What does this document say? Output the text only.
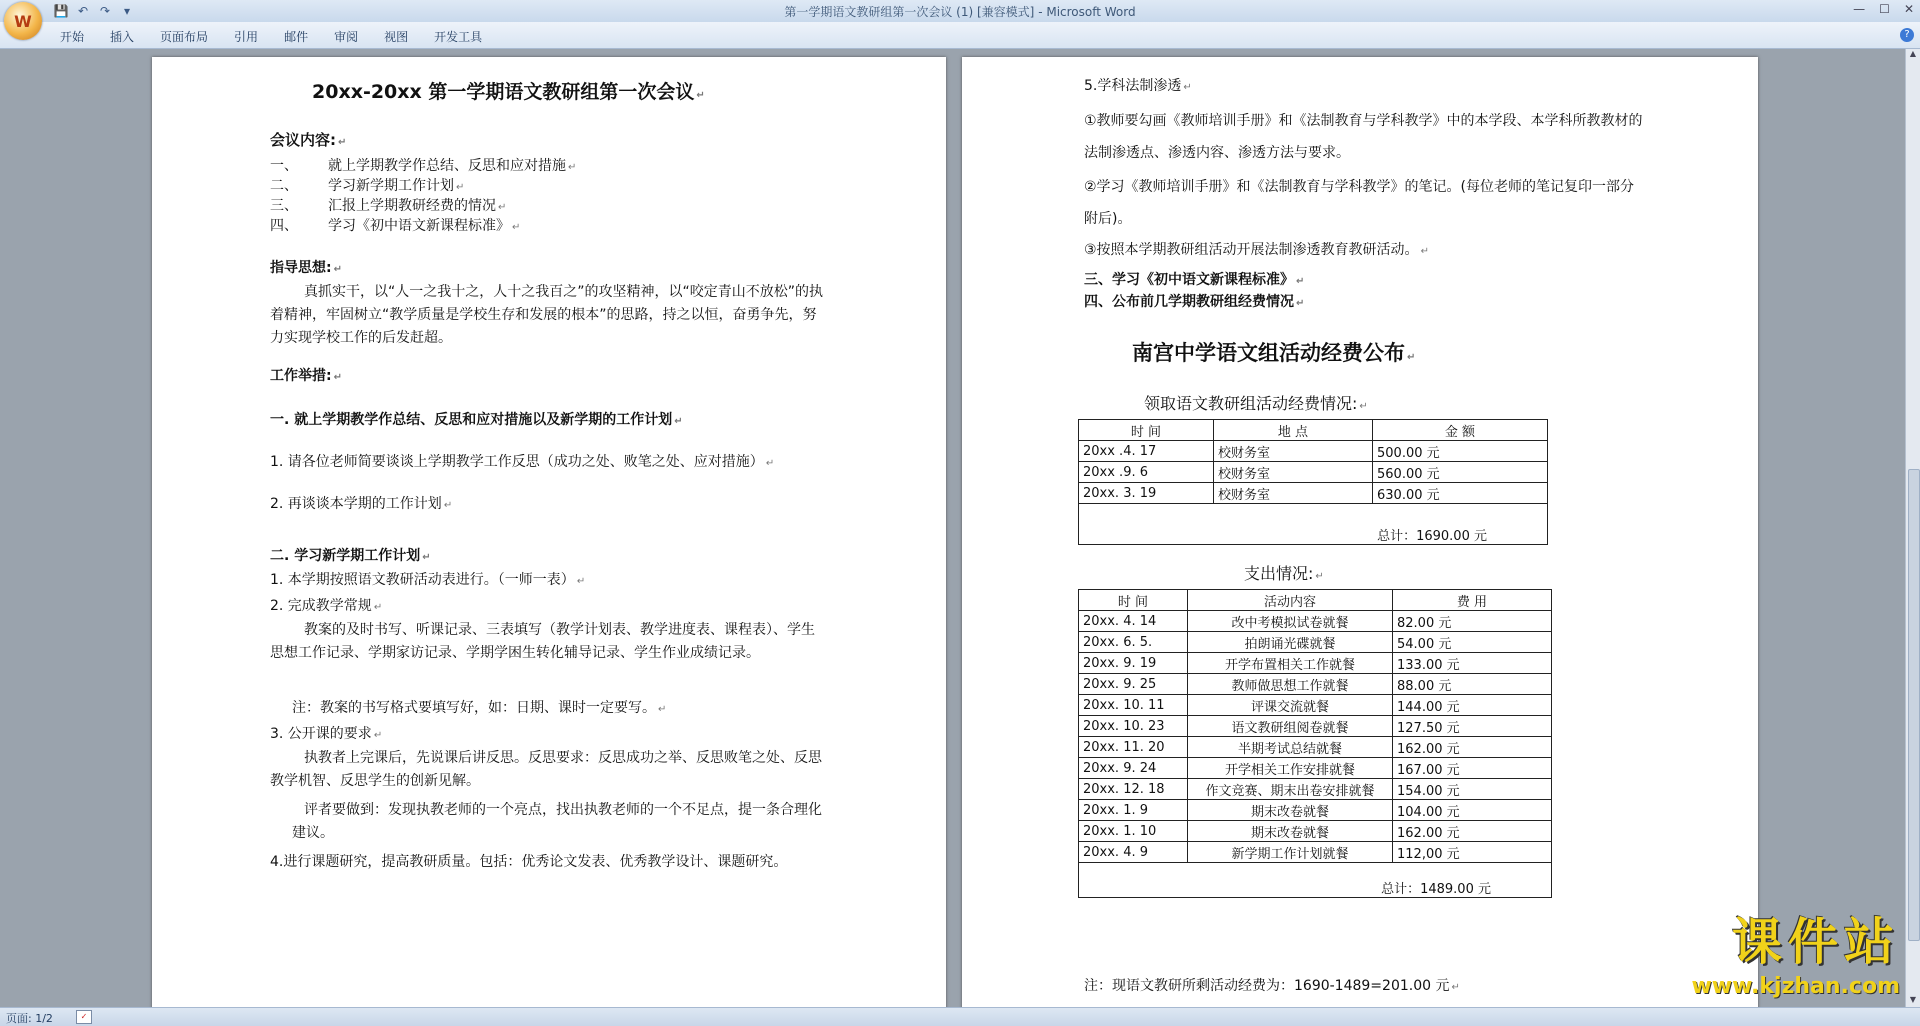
💾 ↶ ↷	▾	第一学期语文教研组第一次会议 (1) [兼容模式] - Microsoft Word	— ☐ ✕
W
开始	插入	页面布局	引用	邮件	审阅	视图	开发工具	?
20xx-20xx 第一学期语文教研组第一次会议 ↵
会议内容: ↵
一、 就上学期教学作总结、反思和应对措施 ↵
二、 学习新学期工作计划 ↵
三、 汇报上学期教研经费的情况 ↵
四、 学习《初中语文新课程标准》 ↵
指导思想: ↵
真抓实干，以“人一之我十之，人十之我百之”的攻坚精神，以“咬定青山不放松”的执着精神，牢固树立“教学质量是学校生存和发展的根本”的思路，持之以恒，奋勇争先，努力实现学校工作的后发赶超。
工作举措: ↵
一. 就上学期教学作总结、反思和应对措施以及新学期的工作计划 ↵
1. 请各位老师简要谈谈上学期教学工作反思（成功之处、败笔之处、应对措施） ↵
2. 再谈谈本学期的工作计划 ↵
二. 学习新学期工作计划 ↵
1. 本学期按照语文教研活动表进行。（一师一表） ↵
2. 完成教学常规 ↵
教案的及时书写、听课记录、三表填写（教学计划表、教学进度表、课程表）、学生思想工作记录、学期家访记录、学期学困生转化辅导记录、学生作业成绩记录。
注：教案的书写格式要填写好，如：日期、课时一定要写。 ↵
3. 公开课的要求 ↵
执教者上完课后，先说课后讲反思。反思要求：反思成功之举、反思败笔之处、反思教学机智、反思学生的创新见解。
评者要做到：发现执教老师的一个亮点，找出执教老师的一个不足点，提一条合理化建议。
4.进行课题研究，提高教研质量。包括：优秀论文发表、优秀教学设计、课题研究。
5.学科法制渗透 ↵
①教师要勾画《教师培训手册》和《法制教育与学科教学》中的本学段、本学科所教教材的法制渗透点、渗透内容、渗透方法与要求。
②学习《教师培训手册》和《法制教育与学科教学》的笔记。(每位老师的笔记复印一部分附后)。
③按照本学期教研组活动开展法制渗透教育教研活动。 ↵
三、学习《初中语文新课程标准》 ↵
四、公布前几学期教研组经费情况 ↵
南宫中学语文组活动经费公布 ↵
领取语文教研组活动经费情况: ↵
时 间	地 点	金 额
20xx .4. 17	校财务室	500.00 元
20xx .9. 6	校财务室	560.00 元
20xx. 3. 19	校财务室	630.00 元
总计：1690.00 元		
支出情况: ↵
时 间	活动内容	费 用
20xx. 4. 14	改中考模拟试卷就餐	82.00 元
20xx. 6. 5.	拍朗诵光碟就餐	54.00 元
20xx. 9. 19	开学布置相关工作就餐	133.00 元
20xx. 9. 25	教师做思想工作就餐	88.00 元
20xx. 10. 11	评课交流就餐	144.00 元
20xx. 10. 23	语文教研组阅卷就餐	127.50 元
20xx. 11. 20	半期考试总结就餐	162.00 元
20xx. 9. 24	开学相关工作安排就餐	167.00 元
20xx. 12. 18	作文竞赛、期末出卷安排就餐	154.00 元
20xx. 1. 9	期末改卷就餐	104.00 元
20xx. 1. 10	期末改卷就餐	162.00 元
20xx. 4. 9	新学期工作计划就餐	112,00 元
总计：1489.00 元		
注：现语文教研所剩活动经费为：1690-1489=201.00 元 ↵
▲
▼
页面: 1/2	✓
课件站
www.kjzhan.com
